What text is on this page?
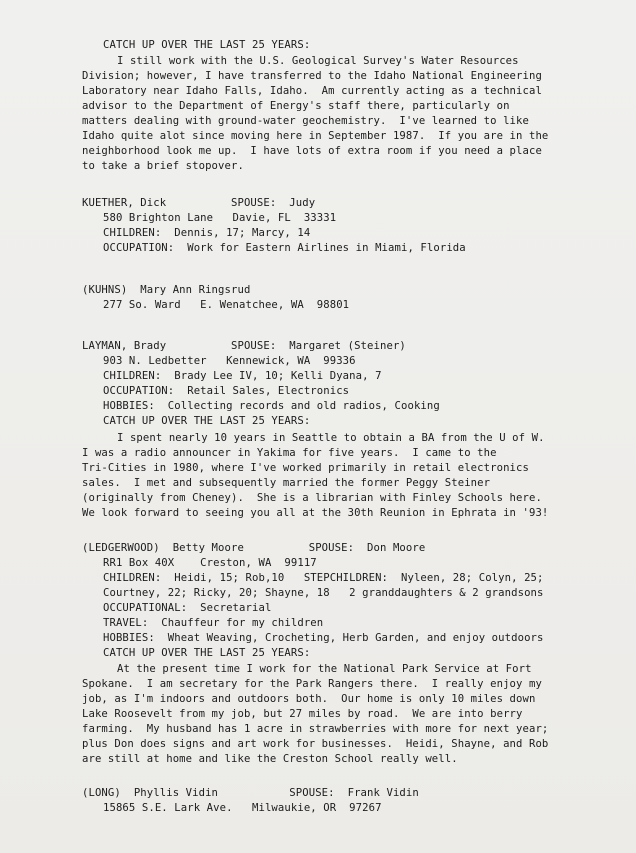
CATCH UP OVER THE LAST 25 YEARS:

I still work with the U.S. Geological Survey's Water Resources

Division; however, I have transferred to the Idaho National Engineering

Laboratory near Idaho Falls, Idaho.  Am currently acting as a technical

advisor to the Department of Energy's staff there, particularly on

matters dealing with ground-water geochemistry.  I've learned to like

Idaho quite alot since moving here in September 1987.  If you are in the

neighborhood look me up.  I have lots of extra room if you need a place

to take a brief stopover.

KUETHER, Dick          SPOUSE:  Judy

580 Brighton Lane   Davie, FL  33331

CHILDREN:  Dennis, 17; Marcy, 14

OCCUPATION:  Work for Eastern Airlines in Miami, Florida

(KUHNS)  Mary Ann Ringsrud

277 So. Ward   E. Wenatchee, WA  98801

LAYMAN, Brady          SPOUSE:  Margaret (Steiner)

903 N. Ledbetter   Kennewick, WA  99336

CHILDREN:  Brady Lee IV, 10; Kelli Dyana, 7

OCCUPATION:  Retail Sales, Electronics

HOBBIES:  Collecting records and old radios, Cooking

CATCH UP OVER THE LAST 25 YEARS:

I spent nearly 10 years in Seattle to obtain a BA from the U of W.

I was a radio announcer in Yakima for five years.  I came to the

Tri-Cities in 1980, where I've worked primarily in retail electronics

sales.  I met and subsequently married the former Peggy Steiner

(originally from Cheney).  She is a librarian with Finley Schools here.

We look forward to seeing you all at the 30th Reunion in Ephrata in '93!

(LEDGERWOOD)  Betty Moore          SPOUSE:  Don Moore

RR1 Box 40X    Creston, WA  99117

CHILDREN:  Heidi, 15; Rob,10   STEPCHILDREN:  Nyleen, 28; Colyn, 25;

Courtney, 22; Ricky, 20; Shayne, 18   2 granddaughters & 2 grandsons

OCCUPATIONAL:  Secretarial

TRAVEL:  Chauffeur for my children

HOBBIES:  Wheat Weaving, Crocheting, Herb Garden, and enjoy outdoors

CATCH UP OVER THE LAST 25 YEARS:

At the present time I work for the National Park Service at Fort

Spokane.  I am secretary for the Park Rangers there.  I really enjoy my

job, as I'm indoors and outdoors both.  Our home is only 10 miles down

Lake Roosevelt from my job, but 27 miles by road.  We are into berry

farming.  My husband has 1 acre in strawberries with more for next year;

plus Don does signs and art work for businesses.  Heidi, Shayne, and Rob

are still at home and like the Creston School really well.

(LONG)  Phyllis Vidin           SPOUSE:  Frank Vidin

15865 S.E. Lark Ave.   Milwaukie, OR  97267
